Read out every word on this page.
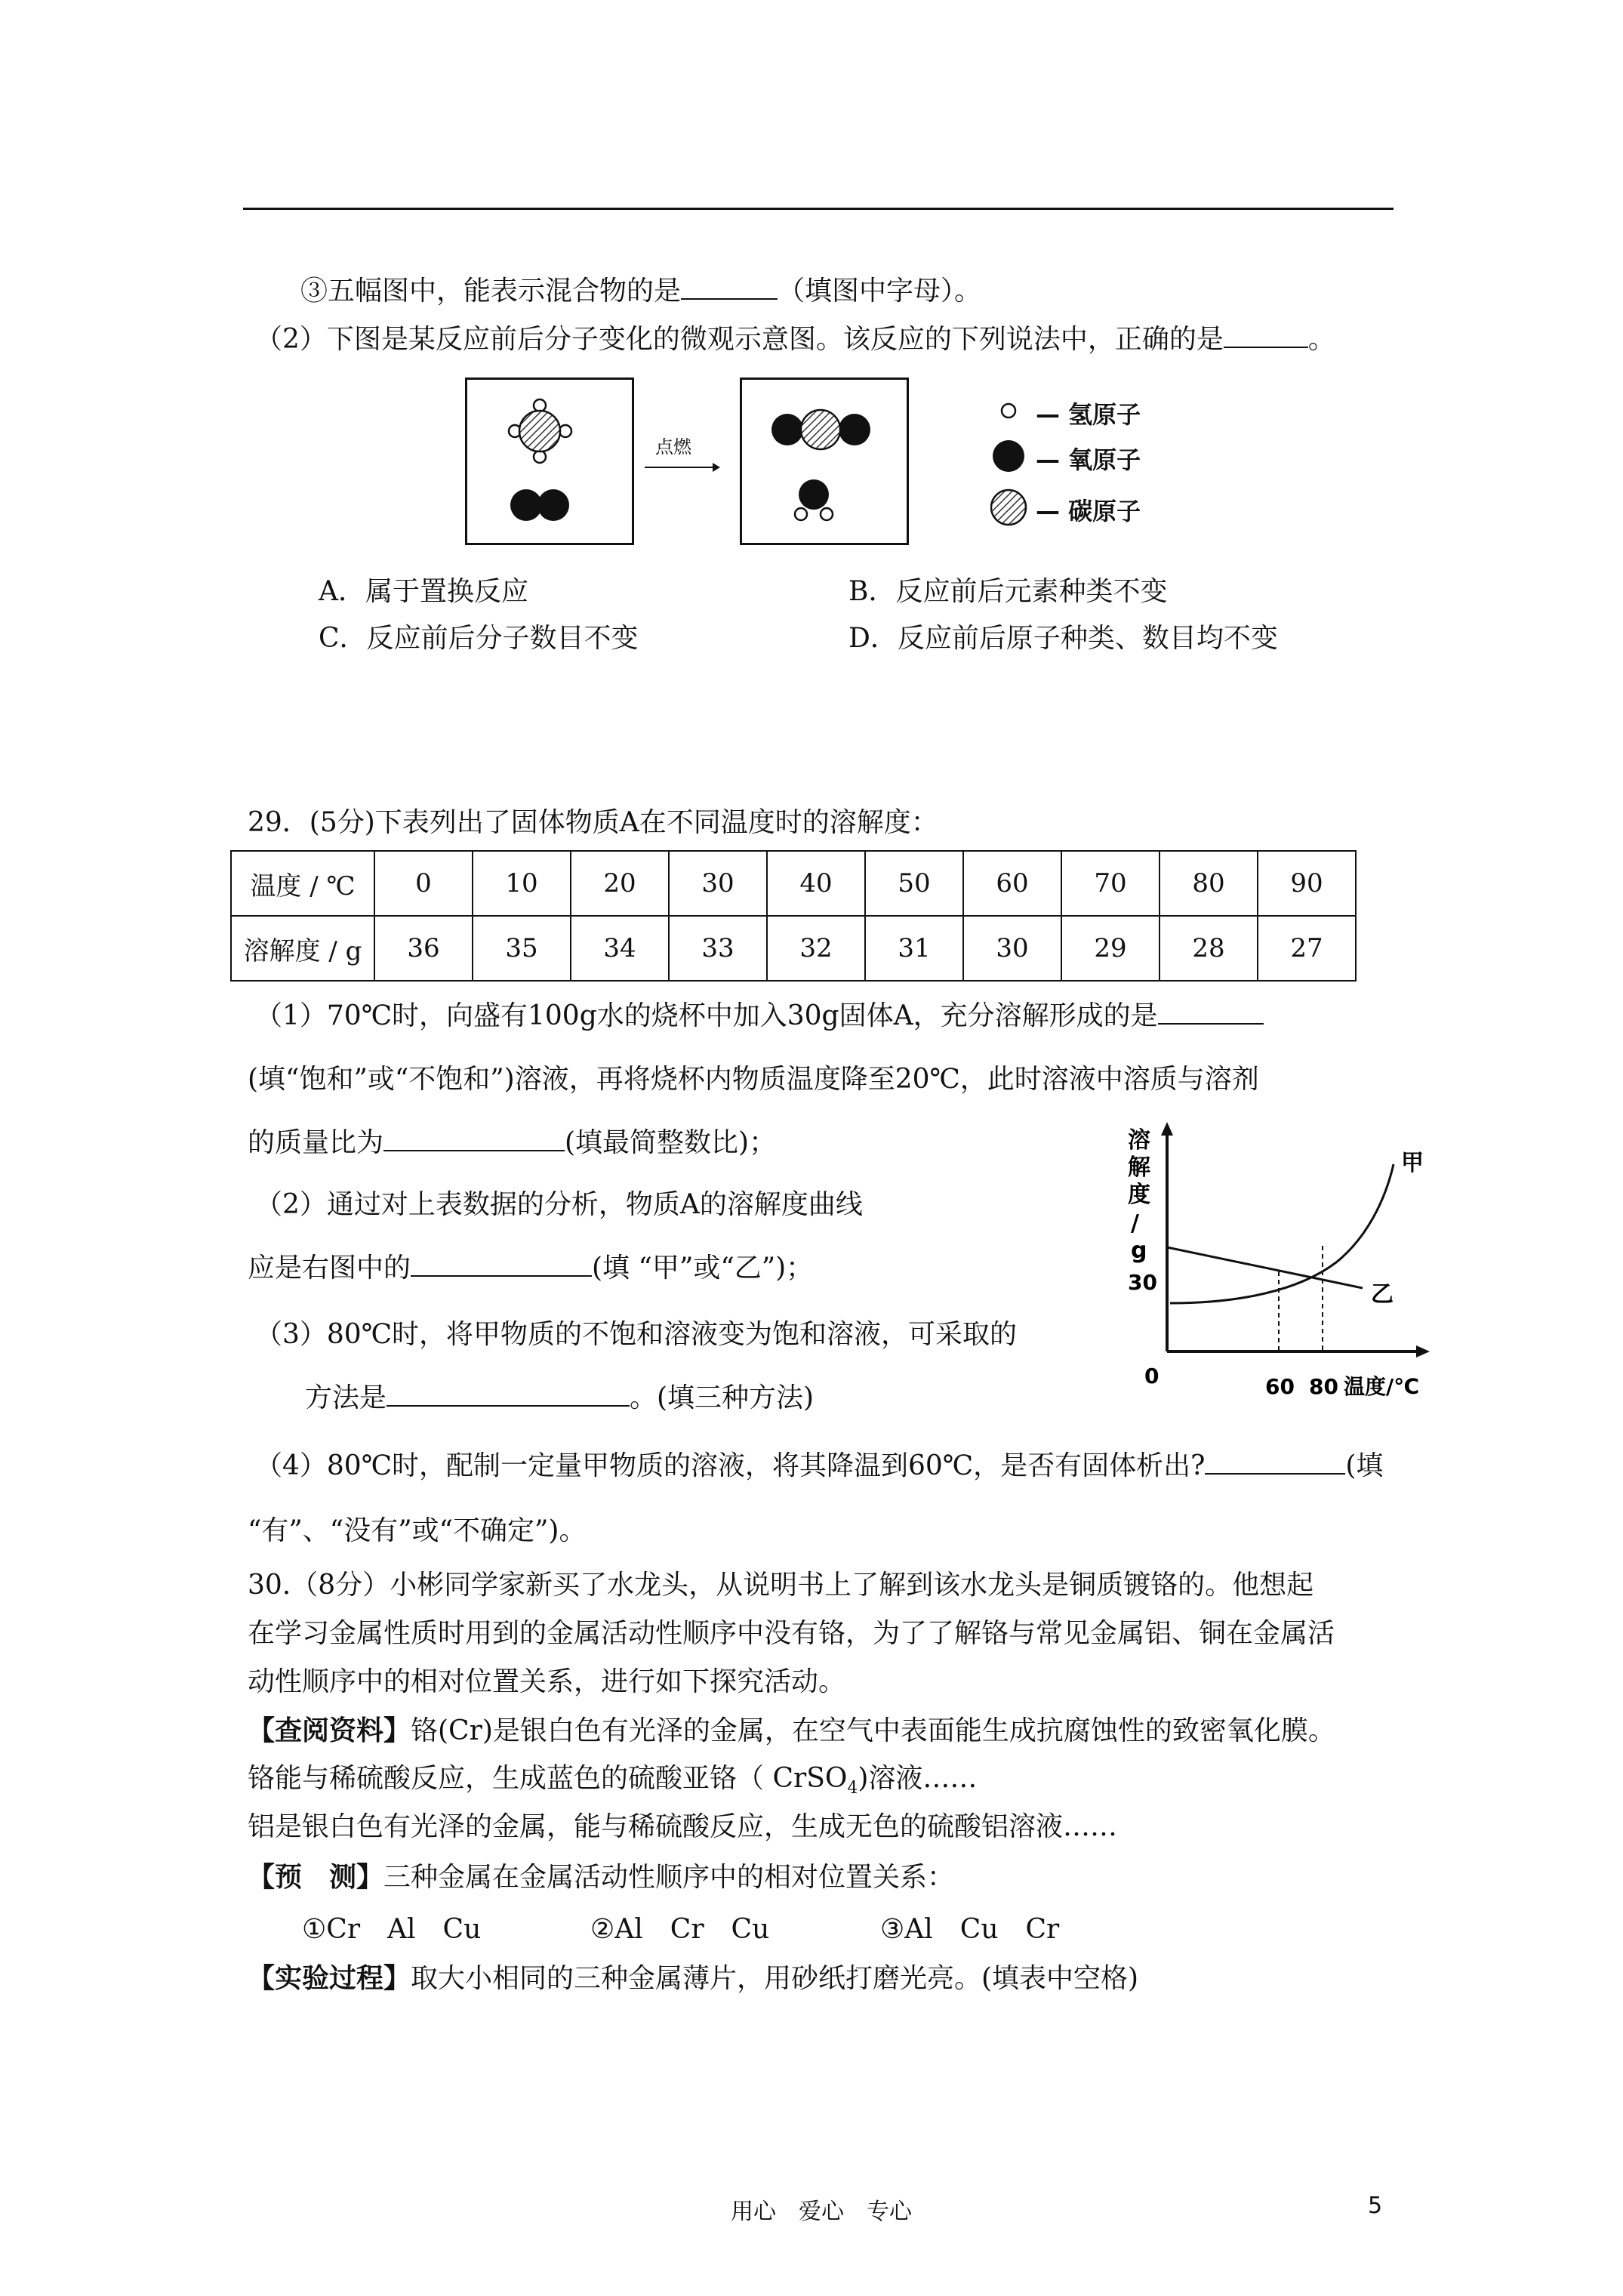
③五幅图中，能表示混合物的是	（填图中字母）。
（2）下图是某反应前后分子变化的微观示意图。该反应的下列说法中，正确的是	。
点燃
— 氢原子
— 氧原子
— 碳原子
A．属于置换反应	B．反应前后元素种类不变
C．反应前后分子数目不变	D．反应前后原子种类、数目均不变
29．(5分)下表列出了固体物质A在不同温度时的溶解度：
温度 / ℃	0	10	20	30	40	50	60	70	80	90
溶解度 / g	36	35	34	33	32	31	30	29	28	27
（1）70℃时，向盛有100g水的烧杯中加入30g固体A，充分溶解形成的是
(填“饱和”或“不饱和”)溶液，再将烧杯内物质温度降至20℃，此时溶液中溶质与溶剂
的质量比为	(填最简整数比)；
（2）通过对上表数据的分析，物质A的溶解度曲线
应是右图中的	(填 “甲”或“乙”)；
（3）80℃时，将甲物质的不饱和溶液变为饱和溶液，可采取的
方法是	。(填三种方法)
（4）80℃时，配制一定量甲物质的溶液，将其降温到60℃，是否有固体析出?	(填
“有”、“没有”或“不确定”)。
溶
解
度
/
g
30
0	60 80 温度/℃
甲
乙
30.（8分）小彬同学家新买了水龙头，从说明书上了解到该水龙头是铜质镀铬的。他想起
在学习金属性质时用到的金属活动性顺序中没有铬，为了了解铬与常见金属铝、铜在金属活
动性顺序中的相对位置关系，进行如下探究活动。
【查阅资料】铬(Cr)是银白色有光泽的金属，在空气中表面能生成抗腐蚀性的致密氧化膜。
铬能与稀硫酸反应，生成蓝色的硫酸亚铬（ CrSO$_4$)溶液……
铝是银白色有光泽的金属，能与稀硫酸反应，生成无色的硫酸铝溶液……
【预　测】三种金属在金属活动性顺序中的相对位置关系：
①Cr　Al　Cu	②Al　Cr　Cu	③Al　Cu　Cr
【实验过程】取大小相同的三种金属薄片，用砂纸打磨光亮。(填表中空格)
用心　爱心　专心	5
